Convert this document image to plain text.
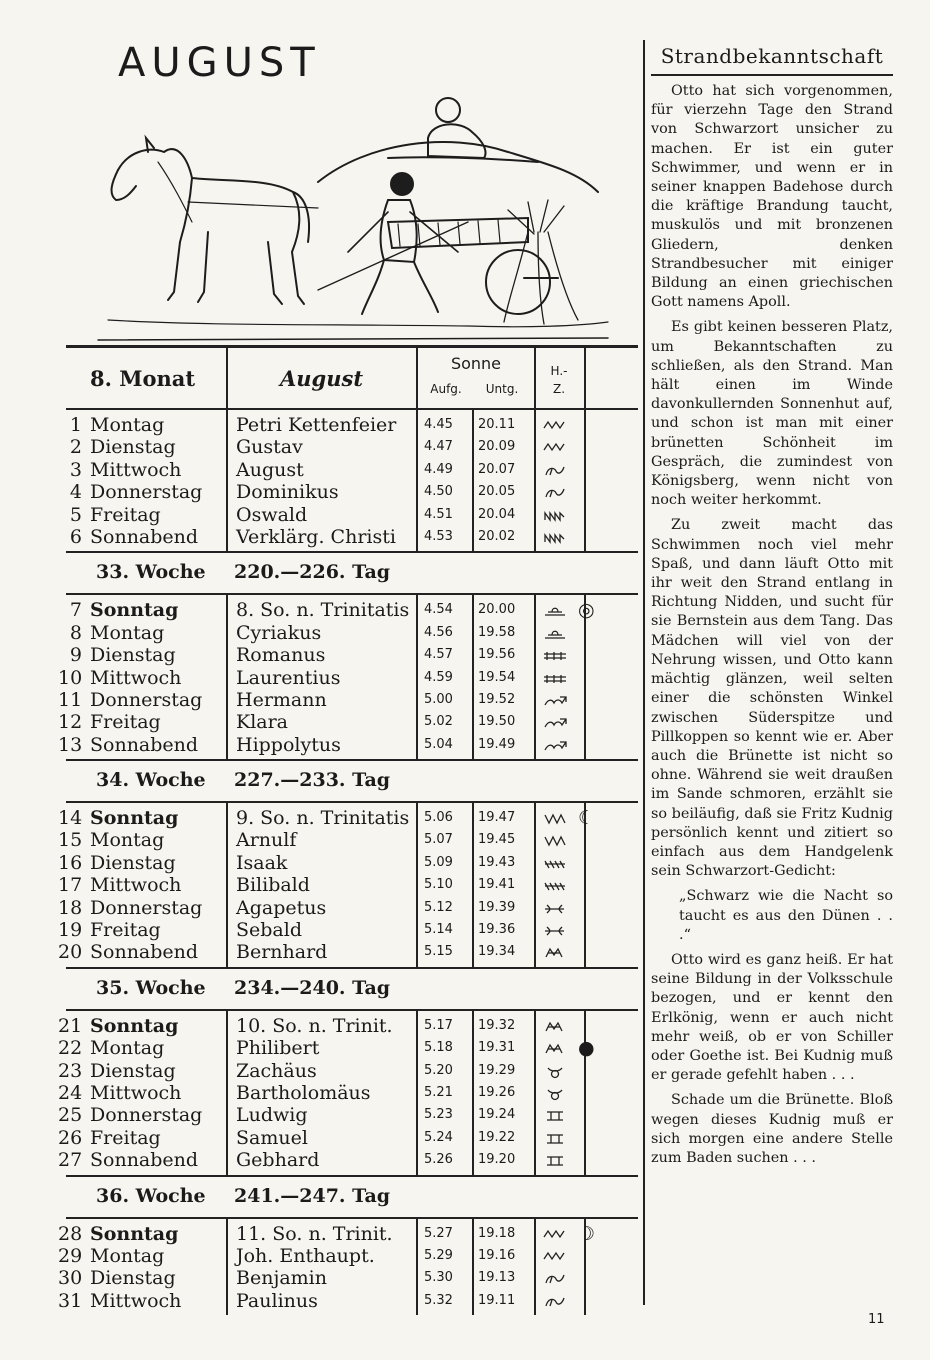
AUGUST
8. Monat	August
Sonne
Aufg. Untg.
H.-
Z.
1 Montag	Petri Kettenfeier 4.45 20.11
2 Dienstag	Gustav	4.47 20.09
3 Mittwoch	August	4.49 20.07
4 Donnerstag Dominikus	4.50 20.05
5 Freitag	Oswald	4.51 20.04
6 Sonnabend Verklärg. Christi 4.53 20.02
33. Woche 220.—226. Tag
7 Sonntag	8. So. n. Trinitatis 4.54 20.00	◎
8 Montag	Cyriakus	4.56 19.58
9 Dienstag	Romanus	4.57 19.56
10 Mittwoch	Laurentius	4.59 19.54
11 Donnerstag Hermann	5.00 19.52
12 Freitag	Klara	5.02 19.50
13 Sonnabend Hippolytus	5.04 19.49
34. Woche 227.—233. Tag
14 Sonntag	9. So. n. Trinitatis 5.06 19.47	☾
15 Montag	Arnulf	5.07 19.45
16 Dienstag	Isaak	5.09 19.43
17 Mittwoch	Bilibald	5.10 19.41
18 Donnerstag Agapetus	5.12 19.39
19 Freitag	Sebald	5.14 19.36
20 Sonnabend Bernhard	5.15 19.34
35. Woche 234.—240. Tag
21 Sonntag	10. So. n. Trinit. 5.17 19.32
22 Montag	Philibert	5.18 19.31	●
23 Dienstag	Zachäus	5.20 19.29
24 Mittwoch	Bartholomäus	5.21 19.26
25 Donnerstag Ludwig	5.23 19.24
26 Freitag	Samuel	5.24 19.22
27 Sonnabend Gebhard	5.26 19.20
36. Woche 241.—247. Tag
28 Sonntag	11. So. n. Trinit. 5.27 19.18	☽
29 Montag	Joh. Enthaupt.	5.29 19.16
30 Dienstag	Benjamin	5.30 19.13
31 Mittwoch	Paulinus	5.32 19.11
Strandbekanntschaft

Otto hat sich vorgenommen, für vierzehn Tage den Strand von Schwarzort unsicher zu machen. Er ist ein guter Schwimmer, und wenn er in seiner knappen Badehose durch die kräftige Brandung taucht, muskulös und mit bronzenen Gliedern, denken Strandbesucher mit einiger Bildung an einen griechischen Gott namens Apoll.

Es gibt keinen besseren Platz, um Bekanntschaften zu schließen, als den Strand. Man hält einen im Winde davonkullernden Sonnenhut auf, und schon ist man mit einer brünetten Schönheit im Gespräch, die zumindest von Königsberg, wenn nicht von noch weiter herkommt.

Zu zweit macht das Schwimmen noch viel mehr Spaß, und dann läuft Otto mit ihr weit den Strand entlang in Richtung Nidden, und sucht für sie Bernstein aus dem Tang. Das Mädchen will viel von der Nehrung wissen, und Otto kann mächtig glänzen, weil selten einer die schönsten Winkel zwischen Süderspitze und Pillkoppen so kennt wie er. Aber auch die Brünette ist nicht so ohne. Während sie weit draußen im Sande schmoren, erzählt sie so beiläufig, daß sie Fritz Kudnig persönlich kennt und zitiert so einfach aus dem Handgelenk sein Schwarzort-Gedicht:

„Schwarz wie die Nacht so taucht es aus den Dünen . . .“

Otto wird es ganz heiß. Er hat seine Bildung in der Volksschule bezogen, und er kennt den Erlkönig, wenn er auch nicht mehr weiß, ob er von Schiller oder Goethe ist. Bei Kudnig muß er gerade gefehlt haben . . .

Schade um die Brünette. Bloß wegen dieses Kudnig muß er sich morgen eine andere Stelle zum Baden suchen . . .

11
